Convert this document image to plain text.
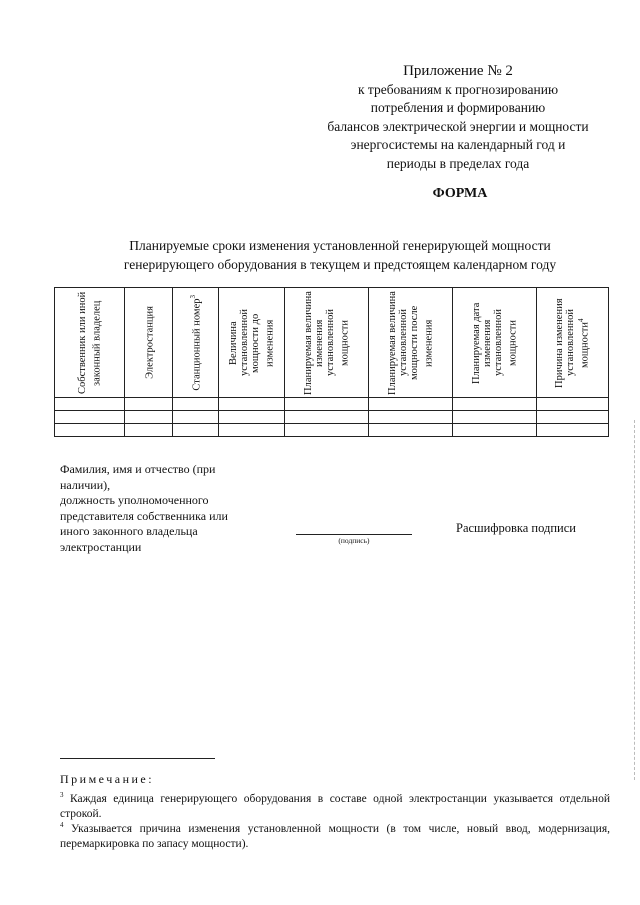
Приложение № 2
к требованиям к прогнозированию
потребления и формированию
балансов электрической энергии и мощности
энергосистемы на календарный год и
периоды в пределах года
ФОРМА
Планируемые сроки изменения установленной генерирующей мощности
генерирующего оборудования в текущем и предстоящем календарном году
Собственник или иной законный владелец	Электростанция	Станционный номер$^3$	Величина установленной мощности до изменения	Планируемая величина изменения установленной мощности	Планируемая величина установленной мощности после изменения	Планируемая дата изменения установленной мощности	Причина изменения установленной мощности$^4$

Фамилия, имя и отчество (при
наличии),
должность уполномоченного
представителя собственника или
иного законного владельца
электростанции	(подпись)
Расшифровка подписи
Примечание:
$^3$ Каждая единица генерирующего оборудования в составе одной электростанции указывается отдельной строкой.
$^4$ Указывается причина изменения установленной мощности (в том числе, новый ввод, модернизация, перемаркировка по запасу мощности).
